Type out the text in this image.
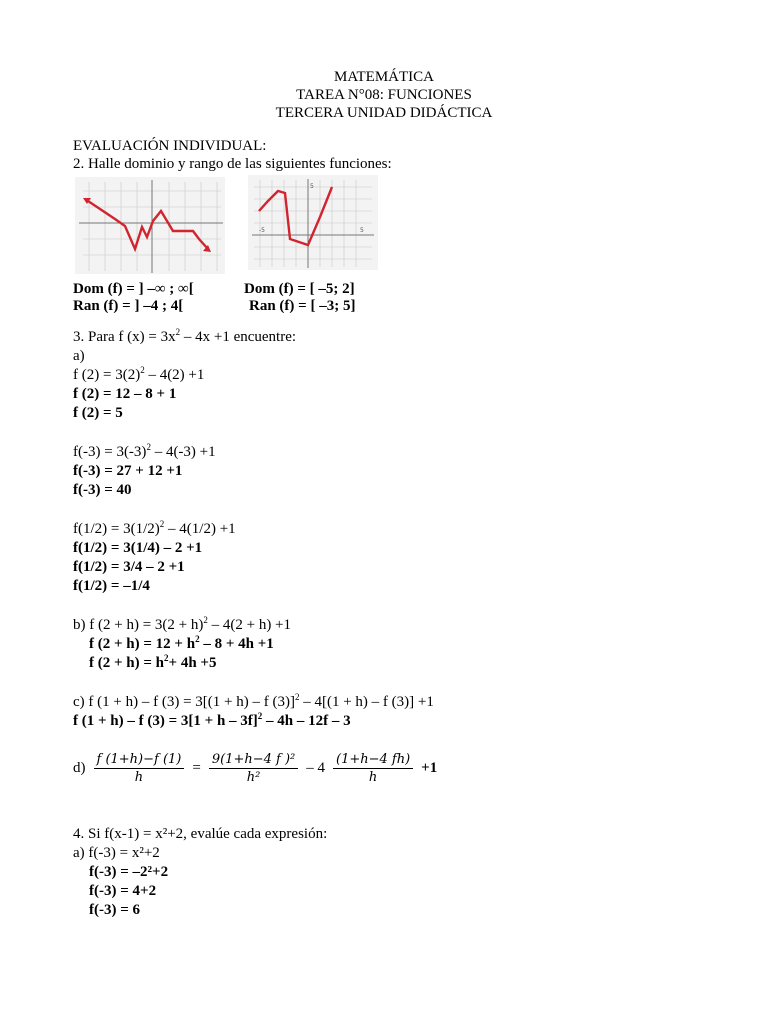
MATEMÁTICA
TAREA N°08: FUNCIONES
TERCERA UNIDAD DIDÁCTICA
EVALUACIÓN INDIVIDUAL:
2. Halle dominio y rango de las siguientes funciones:
-5	5
5
Dom (f) = ] –∞ ; ∞[
Ran (f) = ] –4 ; 4[
Dom (f) = [ –5; 2]
Ran (f) = [ –3; 5]
3. Para f $(x) = 3x^2 - 4x +1$ encuentre:
a)
f $(2) = 3(2)^2 - 4(2) +1$
f (2) = 12 – 8 + 1
f (2) = 5
$f(-3) = 3(-3)^2 - 4(-3) +1$
f(-3) = 27 + 12 +1
f(-3) = 40
$f(1/2) = 3(1/2)^2 - 4(1/2) +1$
f(1/2) = 3(1/4) – 2 +1
f(1/2) = 3/4 – 2 +1
f(1/2) = –1/4
b) f $(2 + h) = 3(2 + h)^2 - 4(2 + h) +1$
f $(2 + h) = 12 + h^2 - 8 + 4h +1$
f $(2 + h) = h^2+ 4h +5$
c) f (1 + h) – f (3) = 3[(1 + h) – f (3)]$^2$ – 4[(1 + h) – f (3)] +1
f (1 + h) – f $(3) = 3[1 + h - 3f]^2 - 4h - 12f - 3$
$d) \frac{f (1+h)-f (1)}{h} = \frac{\text{9(1+h−4 f )²}}{\text{h²}} - 4 \frac{(1+h-4 fh)}{h} +1$
4. Si f(x-1) = x²+2, evalúe cada expresión:
a) f(-3) = x²+2
f(-3) = –2²+2
f(-3) = 4+2
f(-3) = 6
